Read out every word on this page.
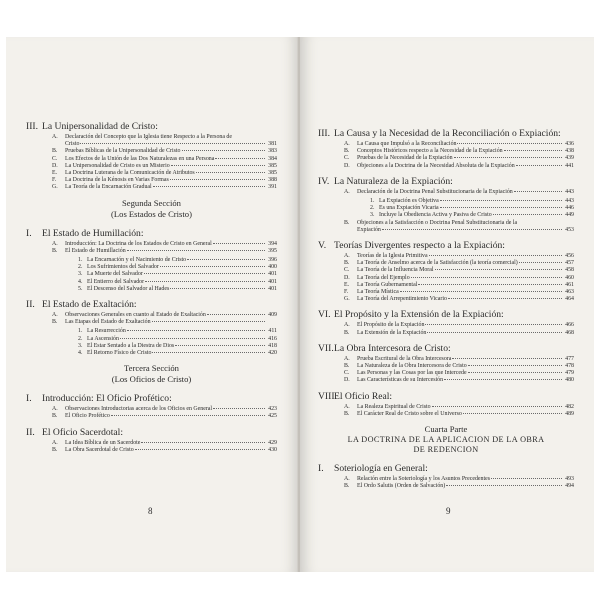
III. La Unipersonalidad de Cristo:
A.	Declaración del Concepto que la Iglesia tiene Respecto a la Persona de
Cristo	381
B.	Pruebas Bíblicas de la Unipersonalidad de Cristo	383
C.	Los Efectos de la Unión de las Dos Naturalezas en una Persona	384
D.	La Unipersonalidad de Cristo es un Misterio	385
E.	La Doctrina Luterana de la Comunicación de Atributos	385
F.	La Doctrina de la Kénosis en Varias Formas	388
G.	La Teoría de la Encarnación Gradual	391
Segunda Sección
(Los Estados de Cristo)
I. El Estado de Humillación:
A.	Introducción: La Doctrina de los Estados de Cristo en General	394
B.	El Estado de Humillación	395
1. La Encarnación y el Nacimiento de Cristo	396
2. Los Sufrimientos del Salvador	400
3. La Muerte del Salvador	401
4. El Entierro del Salvador	401
5. El Descenso del Salvador al Hades	401
II. El Estado de Exaltación:
A.	Observaciones Generales en cuanto al Estado de Exaltación	409
B.	Las Etapas del Estado de Exaltación
1. La Resurrección	411
2. La Ascensión	416
3. El Estar Sentado a la Diestra de Dios	418
4. El Retorno Físico de Cristo	420
Tercera Sección
(Los Oficios de Cristo)
I. Introducción: El Oficio Profético:
A.	Observaciones Introductorias acerca de los Oficios en General	423
B.	El Oficio Profético	425
II. El Oficio Sacerdotal:
A.	La Idea Bíblica de un Sacerdote	429
B.	La Obra Sacerdotal de Cristo	430
8
III. La Causa y la Necesidad de la Reconciliación o Expiación:
A.	La Causa que Impulsó a la Reconciliación	436
B.	Conceptos Históricos respecto a la Necesidad de la Expiación	438
C.	Pruebas de la Necesidad de la Expiación	439
D.	Objeciones a la Doctrina de la Necesidad Absoluta de la Expiación	441
IV. La Naturaleza de la Expiación:
A.	Declaración de la Doctrina Penal Substitucionaria de la Expiación	443
1. La Expiación es Objetiva	443
2. Es una Expiación Vicaria	446
3. Incluye la Obediencia Activa y Pasiva de Cristo	449
B.	Objeciones a la Satisfacción o Doctrina Penal Substitucionaria de la
Expiación	453
V. Teorías Divergentes respecto a la Expiación:
A.	Teorías de la Iglesia Primitiva	456
B.	La Teoría de Anselmo acerca de la Satisfacción (la teoría comercial)	457
C.	La Teoría de la Influencia Moral	458
D.	La Teoría del Ejemplo	460
E.	La Teoría Gubernamental	461
F.	La Teoría Mística	463
G.	La Teoría del Arrepentimiento Vicario	464
VI. El Propósito y la Extensión de la Expiación:
A.	El Propósito de la Expiación	466
B.	La Extensión de la Expiación	468
VII.La Obra Intercesora de Cristo:
A.	Prueba Escritural de la Obra Intercesora	477
B.	La Naturaleza de la Obra Intercesora de Cristo	478
C.	Las Personas y las Cosas por las que Intercede	479
D.	Las Características de su Intercesión	480
VIII.El Oficio Real:
A.	La Realeza Espiritual de Cristo	482
B.	El Carácter Real de Cristo sobre el Universo	489
Cuarta Parte
LA DOCTRINA DE LA APLICACION DE LA OBRA
DE REDENCION
I. Soteriología en General:
A.	Relación entre la Soteriología y los Asuntos Precedentes	493
B.	El Ordo Salutis (Orden de Salvación)	494
9
